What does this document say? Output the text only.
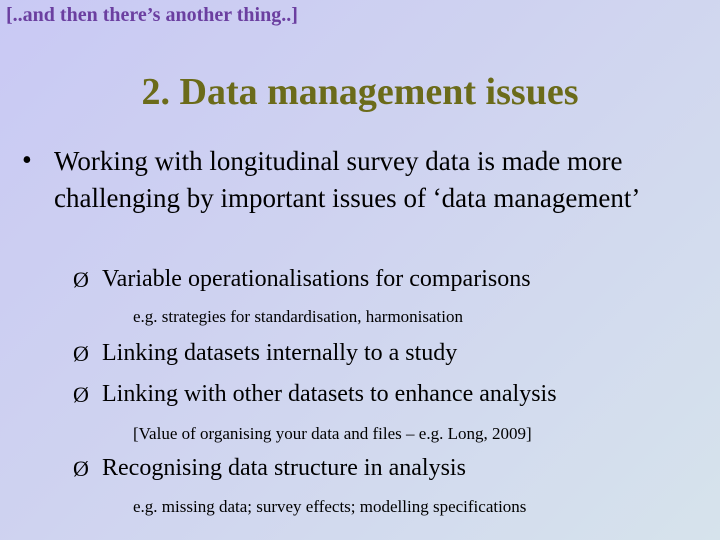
[..and then there’s another thing..]
2. Data management issues
• Working with longitudinal survey data is made more challenging by important issues of ‘data management’
Ø Variable operationalisations for comparisons
e.g. strategies for standardisation, harmonisation
Ø Linking datasets internally to a study
Ø Linking with other datasets to enhance analysis
[Value of organising your data and files – e.g. Long, 2009]
Ø Recognising data structure in analysis
e.g. missing data; survey effects; modelling specifications
